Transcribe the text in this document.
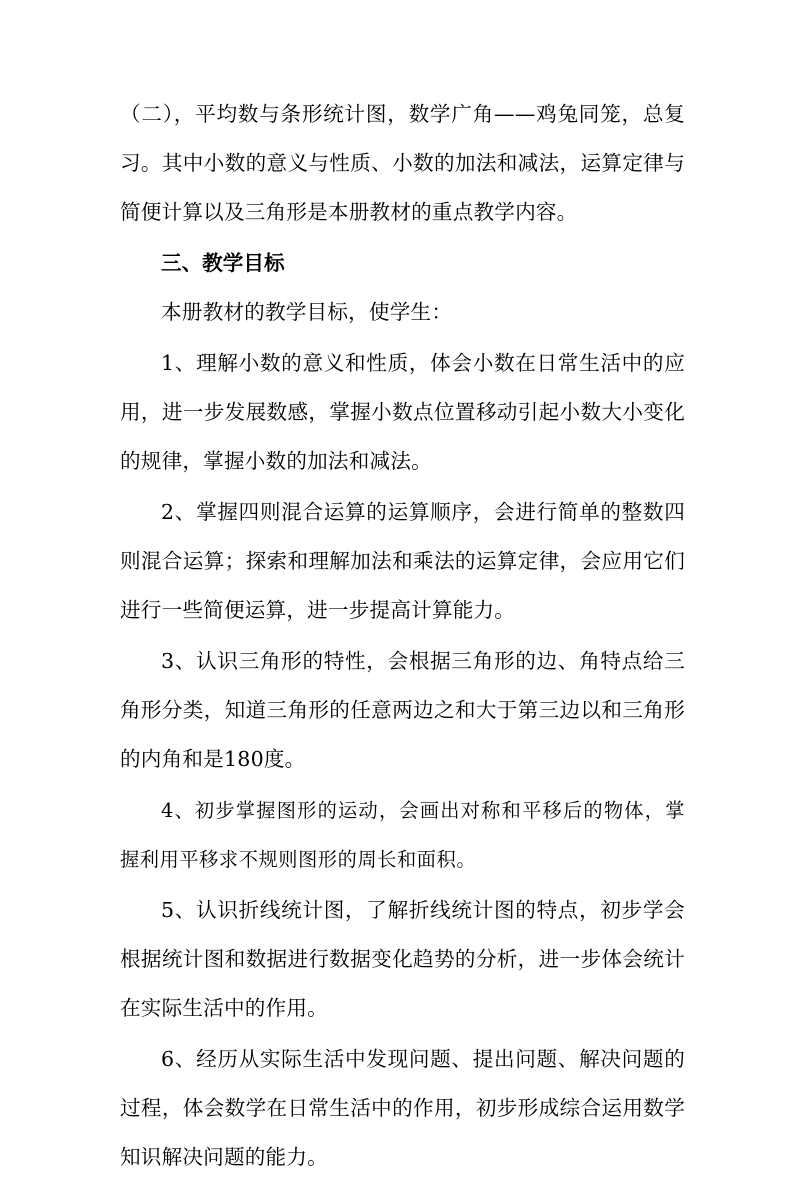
（二），平均数与条形统计图，数学广角——鸡兔同笼，总复习。其中小数的意义与性质、小数的加法和减法，运算定律与简便计算以及三角形是本册教材的重点教学内容。

三、教学目标

本册教材的教学目标，使学生：

1、理解小数的意义和性质，体会小数在日常生活中的应用，进一步发展数感，掌握小数点位置移动引起小数大小变化的规律，掌握小数的加法和减法。

2、掌握四则混合运算的运算顺序，会进行简单的整数四则混合运算；探索和理解加法和乘法的运算定律，会应用它们进行一些简便运算，进一步提高计算能力。

3、认识三角形的特性，会根据三角形的边、角特点给三角形分类，知道三角形的任意两边之和大于第三边以和三角形的内角和是180度。

4、初步掌握图形的运动，会画出对称和平移后的物体，掌握利用平移求不规则图形的周长和面积。

5、认识折线统计图，了解折线统计图的特点，初步学会根据统计图和数据进行数据变化趋势的分析，进一步体会统计在实际生活中的作用。

6、经历从实际生活中发现问题、提出问题、解决问题的过程，体会数学在日常生活中的作用，初步形成综合运用数学知识解决问题的能力。
